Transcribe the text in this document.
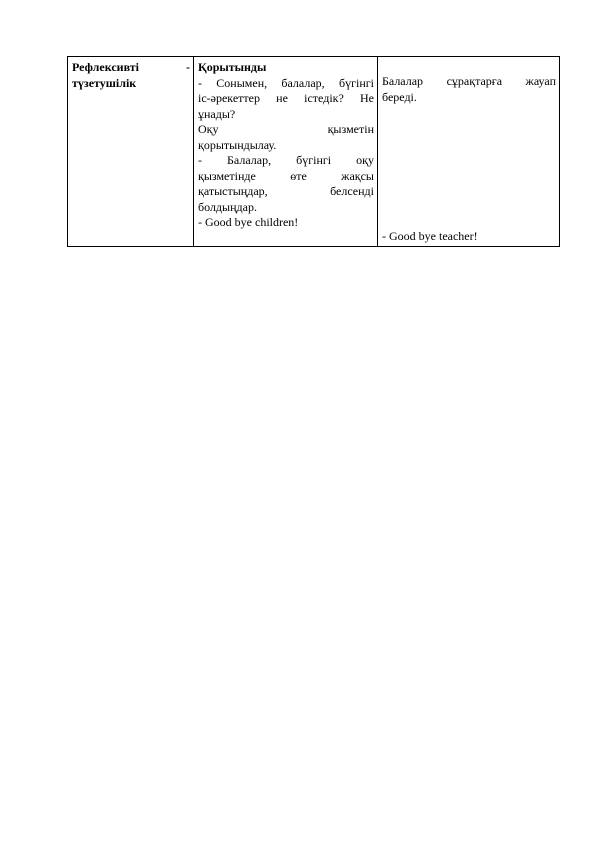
Рефлексивті	-
түзетушілік

Қорытынды
- Сонымен, балалар, бүгінгі
іс-әрекеттер не істедік? Не
ұнады?
Оқу қызметін
қорытындылау.
- Балалар, бүгінгі оқу
қызметінде өте жақсы
қатыстыңдар, белсенді
болдыңдар.
- Good bye children!

Балалар сұрақтарға жауап
береді.
- Good bye teacher!
